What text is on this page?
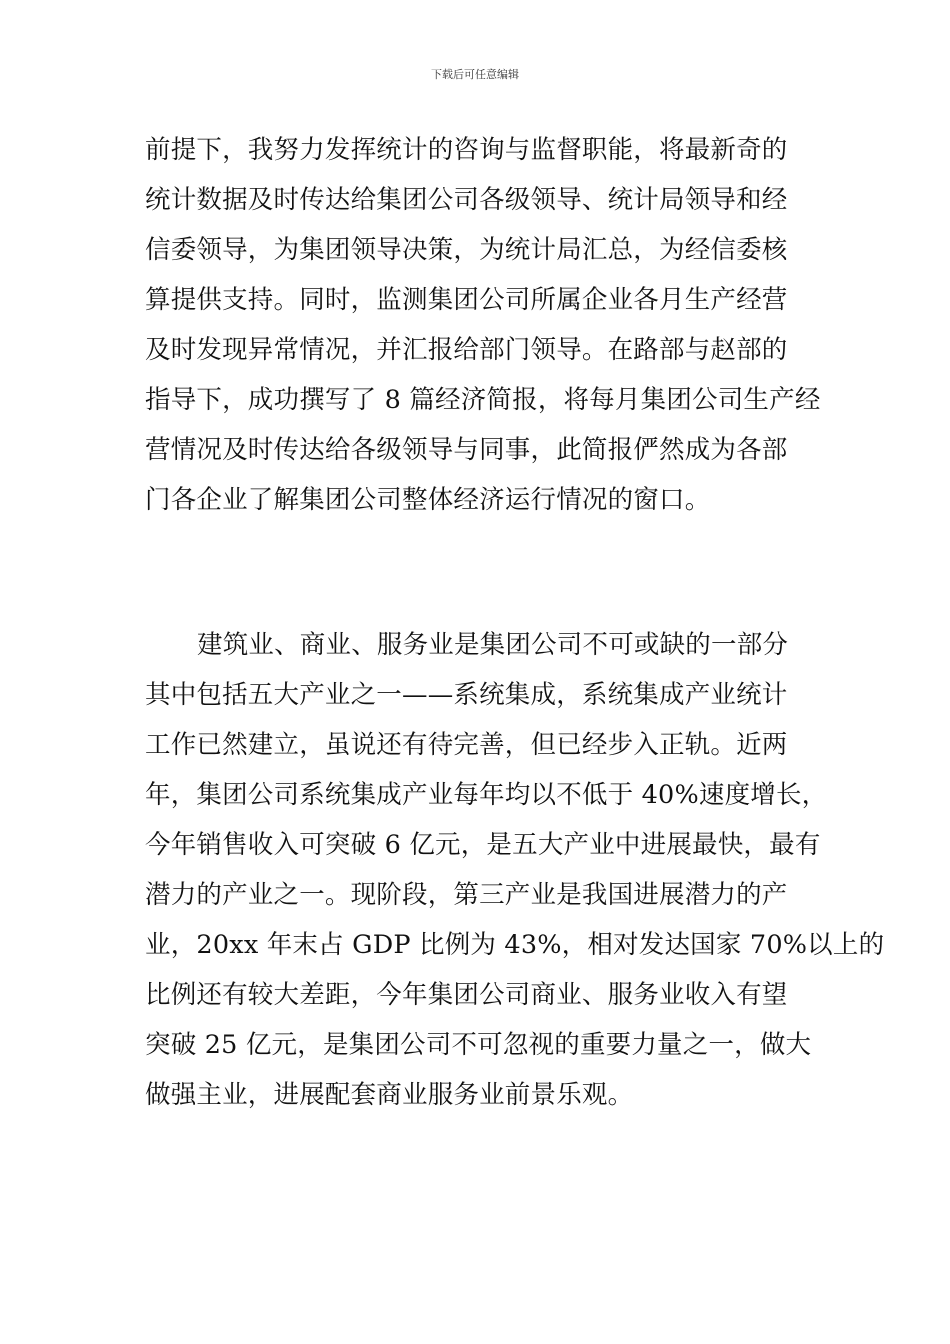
下载后可任意编辑
前提下，我努力发挥统计的咨询与监督职能，将最新奇的
统计数据及时传达给集团公司各级领导、统计局领导和经
信委领导，为集团领导决策，为统计局汇总，为经信委核
算提供支持。同时，监测集团公司所属企业各月生产经营
及时发现异常情况，并汇报给部门领导。在路部与赵部的
指导下，成功撰写了 8 篇经济简报，将每月集团公司生产经
营情况及时传达给各级领导与同事，此简报俨然成为各部
门各企业了解集团公司整体经济运行情况的窗口。
建筑业、商业、服务业是集团公司不可或缺的一部分
其中包括五大产业之一——系统集成，系统集成产业统计
工作已然建立，虽说还有待完善，但已经步入正轨。近两
年，集团公司系统集成产业每年均以不低于 40%速度增长，
今年销售收入可突破 6 亿元，是五大产业中进展最快，最有
潜力的产业之一。现阶段，第三产业是我国进展潜力的产
业，20xx 年末占 GDP 比例为 43%，相对发达国家 70%以上的
比例还有较大差距，今年集团公司商业、服务业收入有望
突破 25 亿元，是集团公司不可忽视的重要力量之一，做大
做强主业，进展配套商业服务业前景乐观。
